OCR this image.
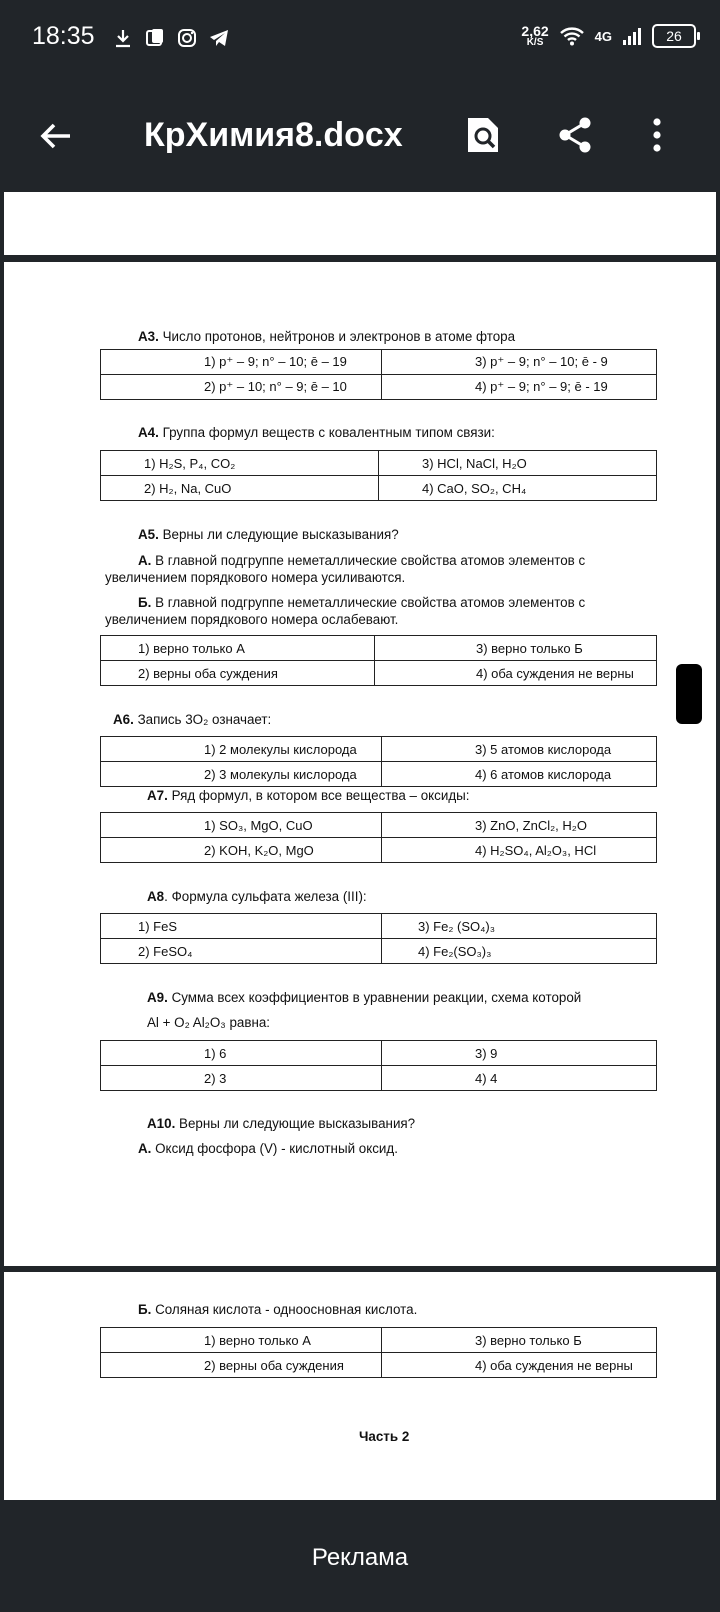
18:35	2,62
K/S	4G	26
КрХимия8.docx
А3. Число протонов, нейтронов и электронов в атоме фтора
1) p⁺ – 9; n° – 10; ē – 19	3) p⁺ – 9; n° – 10; ē - 9

2) p⁺ – 10; n° – 9; ē – 10	4) p⁺ – 9; n° – 9; ē - 19
А4. Группа формул веществ с ковалентным типом связи:
1) H₂S, P₄, CO₂	3) HCl, NaCl, H₂O

2) H₂, Na, CuO	4) CaO, SO₂, CH₄
А5. Верны ли следующие высказывания?
А. В главной подгруппе неметаллические свойства атомов элементов с увеличением порядкового номера усиливаются.
Б. В главной подгруппе неметаллические свойства атомов элементов с увеличением порядкового номера ослабевают.
1) верно только А	3) верно только Б

2) верны оба суждения	4) оба суждения не верны
А6. Запись 3О₂ означает:
1) 2 молекулы кислорода	3) 5 атомов кислорода

2) 3 молекулы кислорода	4) 6 атомов кислорода
А7. Ряд формул, в котором все вещества – оксиды:
1) SO₃, MgO, CuO	3) ZnO, ZnCl₂, H₂O

2) KOH, K₂O, MgO	4) H₂SO₄, Al₂O₃, HCl
А8. Формула сульфата железа (III):
1) FeS	3) Fe₂ (SO₄)₃

2) FeSO₄	4) Fe₂(SO₃)₃
А9. Сумма всех коэффициентов в уравнении реакции, схема которой
Al + O₂ Al₂O₃ равна:
1) 6	3) 9

2) 3	4) 4
А10. Верны ли следующие высказывания?
А. Оксид фосфора (V) - кислотный оксид.
Б. Соляная кислота - одноосновная кислота.
1) верно только А	3) верно только Б

2) верны оба суждения	4) оба суждения не верны
Часть 2
Реклама
